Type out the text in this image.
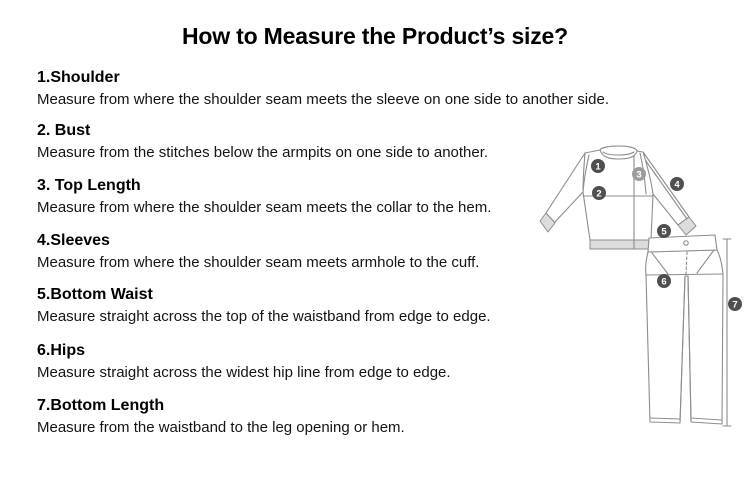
How to Measure the Product’s size?
1.Shoulder

Measure from where the shoulder seam meets the sleeve on one side to another side.

2. Bust

Measure from the stitches below the armpits on one side to another.

3. Top Length

Measure from where the shoulder seam meets the collar to the hem.

4.Sleeves

Measure from where the shoulder seam meets armhole to the cuff.

5.Bottom Waist

Measure straight across the top of the waistband from edge to edge.

6.Hips

Measure straight across the widest hip line from edge to edge.

7.Bottom Length

Measure from the waistband to the leg opening or hem.

1
2
3
4
5
6
7
